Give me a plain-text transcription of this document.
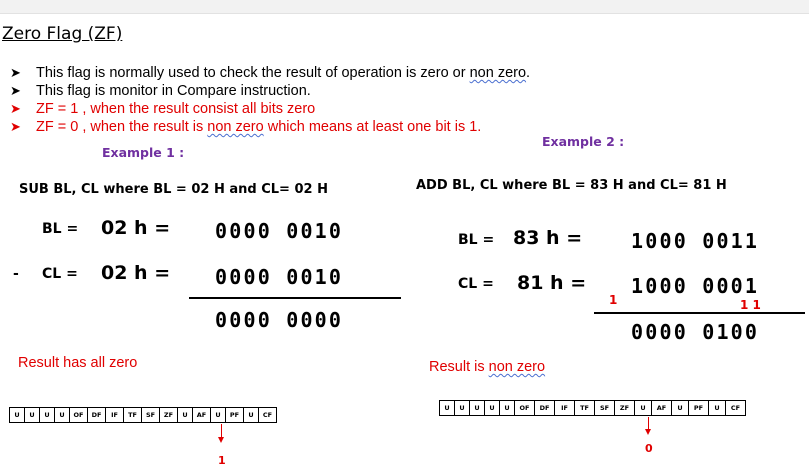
Zero Flag (ZF)
➤	This flag is normally used to check the result of operation is zero or non zero.
➤	This flag is monitor in Compare instruction.
➤	ZF = 1 , when the result consist all bits zero
➤	ZF = 0 , when the result is non zero which means at least one bit is 1.
Example 1 :
SUB BL, CL where BL = 02 H and CL= 02 H
BL = 02 h = 0000 0010
- CL = 02 h = 0000 0010
0000 0000
Result has all zero
U	U	U	U	OF	DF	IF	TF	SF	ZF	U	AF	U	PF	U	CF
1
Example 2 :
ADD BL, CL where BL = 83 H and CL= 81 H
BL = 83 h = 1000 0011
CL = 81 h = 1000 0001
1	1 1
0000 0100
Result is non zero
U	U	U	U	U	OF	DF	IF	TF	SF	ZF	U	AF	U	PF	U	CF
0
